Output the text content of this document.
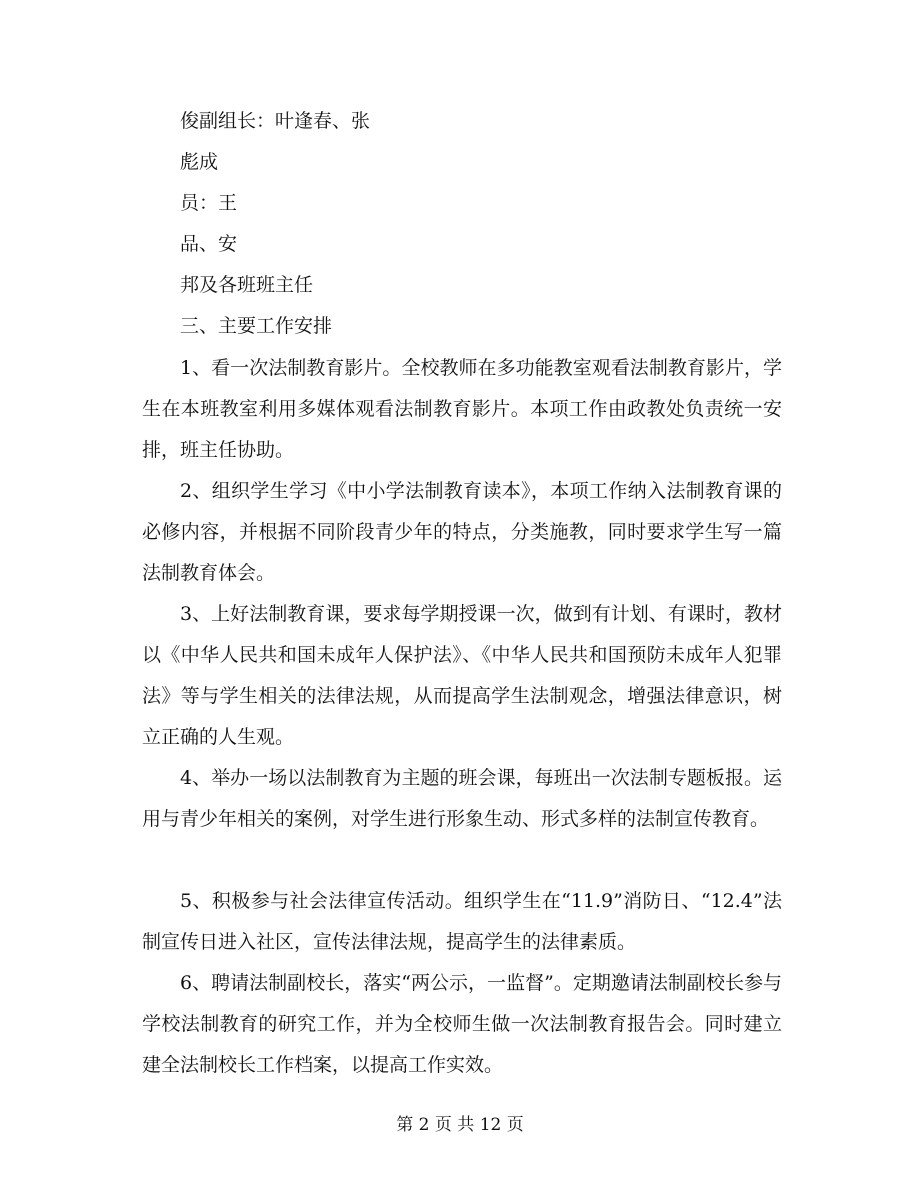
俊副组长：叶逢春、张
彪成
员：王
品、安
邦及各班班主任
三、主要工作安排
1、看一次法制教育影片。全校教师在多功能教室观看法制教育影片，学生在本班教室利用多媒体观看法制教育影片。本项工作由政教处负责统一安排，班主任协助。
2、组织学生学习《中小学法制教育读本》，本项工作纳入法制教育课的必修内容，并根据不同阶段青少年的特点，分类施教，同时要求学生写一篇法制教育体会。
3、上好法制教育课，要求每学期授课一次，做到有计划、有课时，教材以《中华人民共和国未成年人保护法》、《中华人民共和国预防未成年人犯罪法》等与学生相关的法律法规，从而提高学生法制观念，增强法律意识，树立正确的人生观。
4、举办一场以法制教育为主题的班会课，每班出一次法制专题板报。运用与青少年相关的案例，对学生进行形象生动、形式多样的法制宣传教育。
5、积极参与社会法律宣传活动。组织学生在“11.9”消防日、“12.4”法制宣传日进入社区，宣传法律法规，提高学生的法律素质。
6、聘请法制副校长，落实“两公示，一监督”。定期邀请法制副校长参与学校法制教育的研究工作，并为全校师生做一次法制教育报告会。同时建立建全法制校长工作档案，以提高工作实效。
第 2 页 共 12 页
